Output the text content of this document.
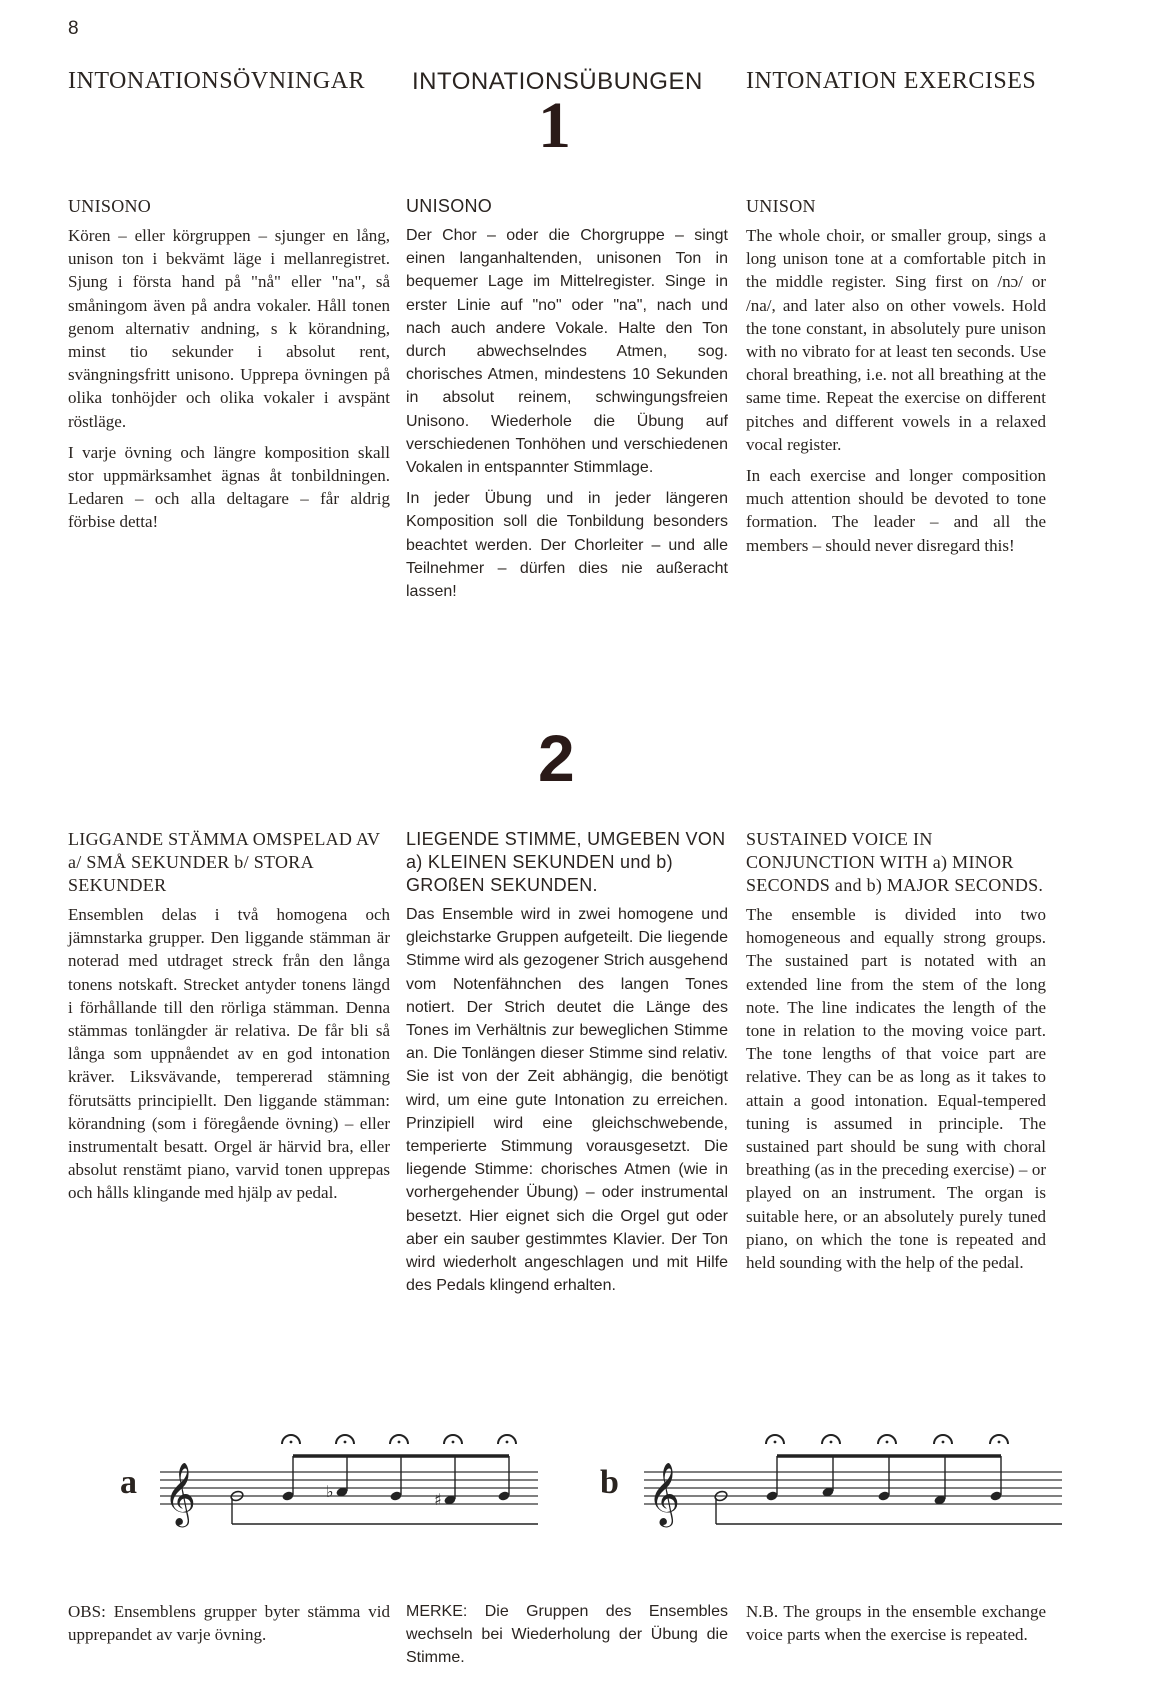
8
INTONATIONSÖVNINGAR INTONATIONSÜBUNGEN INTONATION EXERCISES
1

UNISONO

Kören – eller körgruppen – sjunger en lång, unison ton i bekvämt läge i mellanregistret. Sjung i första hand på "nå" eller "na", så småningom även på andra vokaler. Håll tonen genom alternativ andning, s k körandning, minst tio sekunder i absolut rent, svängningsfritt unisono. Upprepa övningen på olika tonhöjder och olika vokaler i avspänt röstläge.

I varje övning och längre komposition skall stor uppmärksamhet ägnas åt tonbildningen. Ledaren – och alla deltagare – får aldrig förbise detta!

UNISONO

Der Chor – oder die Chorgruppe – singt einen langanhaltenden, unisonen Ton in bequemer Lage im Mittelregister. Singe in erster Linie auf "no" oder "na", nach und nach auch andere Vokale. Halte den Ton durch abwechselndes Atmen, sog. chorisches Atmen, mindestens 10 Sekunden in absolut reinem, schwingungsfreien Unisono. Wiederhole die Übung auf verschiedenen Tonhöhen und verschiedenen Vokalen in entspannter Stimmlage.

In jeder Übung und in jeder längeren Komposition soll die Tonbildung besonders beachtet werden. Der Chorleiter – und alle Teilnehmer – dürfen dies nie außeracht lassen!

UNISON

The whole choir, or smaller group, sings a long unison tone at a comfortable pitch in the middle register. Sing first on /nɔ/ or /na/, and later also on other vowels. Hold the tone constant, in absolutely pure unison with no vibrato for at least ten seconds. Use choral breathing, i.e. not all breathing at the same time. Repeat the exercise on different pitches and different vowels in a relaxed vocal register.

In each exercise and longer composition much attention should be devoted to tone formation. The leader – and all the members – should never disregard this!

2

LIGGANDE STÄMMA OMSPELAD AV a/ SMÅ SEKUNDER b/ STORA SEKUNDER

Ensemblen delas i två homogena och jämnstarka grupper. Den liggande stämman är noterad med utdraget streck från den långa tonens notskaft. Strecket antyder tonens längd i förhållande till den rörliga stämman. Denna stämmas tonlängder är relativa. De får bli så långa som uppnåendet av en god intonation kräver. Liksvävande, tempererad stämning förutsätts principiellt. Den liggande stämman: körandning (som i föregående övning) – eller instrumentalt besatt. Orgel är härvid bra, eller absolut renstämt piano, varvid tonen upprepas och hålls klingande med hjälp av pedal.

LIEGENDE STIMME, UMGEBEN VON a) KLEINEN SEKUNDEN und b) GROßEN SEKUNDEN.

Das Ensemble wird in zwei homogene und gleichstarke Gruppen aufgeteilt. Die liegende Stimme wird als gezogener Strich ausgehend vom Notenfähnchen des langen Tones notiert. Der Strich deutet die Länge des Tones im Verhältnis zur beweglichen Stimme an. Die Tonlängen dieser Stimme sind relativ. Sie ist von der Zeit abhängig, die benötigt wird, um eine gute Intonation zu erreichen. Prinzipiell wird eine gleichschwebende, temperierte Stimmung vorausgesetzt. Die liegende Stimme: chorisches Atmen (wie in vorhergehender Übung) – oder instrumental besetzt. Hier eignet sich die Orgel gut oder aber ein sauber gestimmtes Klavier. Der Ton wird wiederholt angeschlagen und mit Hilfe des Pedals klingend erhalten.

SUSTAINED VOICE IN CONJUNCTION WITH a) MINOR SECONDS and b) MAJOR SECONDS.

The ensemble is divided into two homogeneous and equally strong groups. The sustained part is notated with an extended line from the stem of the long note. The line indicates the length of the tone in relation to the moving voice part. The tone lengths of that voice part are relative. They can be as long as it takes to attain a good intonation. Equal-tempered tuning is assumed in principle. The sustained part should be sung with choral breathing (as in the preceding exercise) – or played on an instrument. The organ is suitable here, or an absolutely purely tuned piano, on which the tone is repeated and held sounding with the help of the pedal.

a 𝄞	♭	♯	b 𝄞
OBS: Ensemblens grupper byter stämma vid upprepandet av varje övning.
MERKE: Die Gruppen des Ensembles wechseln bei Wiederholung der Übung die Stimme.
N.B. The groups in the ensemble exchange voice parts when the exercise is repeated.
